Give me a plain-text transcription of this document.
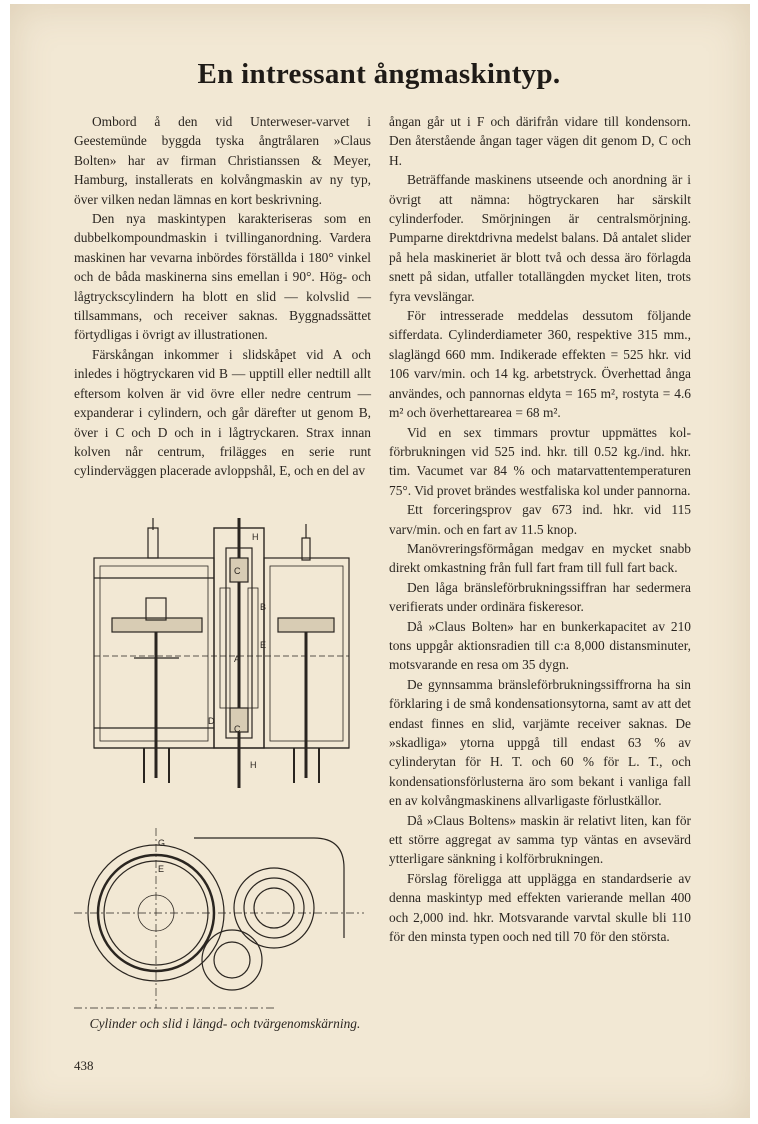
En intressant ångmaskintyp.

Ombord å den vid Unterweser-varvet i Geestemünde byggda tyska ångtrålaren »Claus Bolten» har av firman Christianssen & Meyer, Hamburg, installerats en kolvångmaskin av ny typ, över vilken nedan lämnas en kort beskrivning.

Den nya maskintypen karakteriseras som en dubbelkompoundmaskin i tvillinganordning. Vardera maskinen har vevarna inbördes förställda i 180° vinkel och de båda maskinerna sins emellan i 90°. Hög- och lågtryckscylindern ha blott en slid — kolvslid — tillsammans, och receiver saknas. Byggnadssättet förtydligas i övrigt av illustrationen.

Färskångan inkommer i slidskåpet vid A och inledes i högtryckaren vid B — upptill eller nedtill allt eftersom kolven är vid övre eller nedre centrum — expanderar i cylindern, och går därefter ut genom B, över i C och D och in i lågtryckaren. Strax innan kolven når centrum, frilägges en serie runt cylinderväggen placerade avloppshål, E, och en del av

ångan går ut i F och därifrån vidare till kondensorn. Den återstående ångan tager vägen dit genom D, C och H.

Beträffande maskinens utseende och anordning är i övrigt att nämna: högtryckaren har särskilt cylinderfoder. Smörjningen är centralsmörjning. Pumparne direktdrivna medelst balans. Då antalet slider på hela maskineriet är blott två och dessa äro förlagda snett på sidan, utfaller totallängden mycket liten, trots fyra vevslängar.

För intresserade meddelas dessutom följande sifferdata. Cylinderdiameter 360, respektive 315 mm., slaglängd 660 mm. Indikerade effekten = 525 hkr. vid 106 varv/min. och 14 kg. arbetstryck. Överhettad ånga användes, och pannornas eldyta = 165 m², rostyta = 4.6 m² och överhettarearea = 68 m².

Vid en sex timmars provtur uppmättes kolförbrukningen vid 525 ind. hkr. till 0.52 kg./ind. hkr. tim. Vacumet var 84 % och matarvattentemperaturen 75°. Vid provet brändes westfaliska kol under pannorna.

Ett forceringsprov gav 673 ind. hkr. vid 115 varv/min. och en fart av 11.5 knop.

Manövreringsförmågan medgav en mycket snabb direkt omkastning från full fart fram till full fart back.

Den låga bränsleförbrukningssiffran har sedermera verifierats under ordinära fiskeresor.

Då »Claus Bolten» har en bunkerkapacitet av 210 tons uppgår aktionsradien till c:a 8,000 distansminuter, motsvarande en resa om 35 dygn.

De gynnsamma bränsleförbrukningssiffrorna ha sin förklaring i de små kondensationsytorna, samt av att det endast finnes en slid, varjämte receiver saknas. De »skadliga» ytorna uppgå till endast 63 % av cylinderytan för H. T. och 60 % för L. T., och kondensationsförlusterna äro som bekant i vanliga fall en av kolvångmaskinens allvarligaste förlustkällor.

Då »Claus Boltens» maskin är relativt liten, kan för ett större aggregat av samma typ väntas en avsevärd ytterligare sänkning i kolförbrukningen.

Förslag föreligga att upplägga en standardserie av denna maskintyp med effekten varierande mellan 400 och 2,000 ind. hkr. Motsvarande varvtal skulle bli 110 för den minsta typen ooch ned till 70 för den största.

H
C
B
A
E
D
C
H
G
E
Cylinder och slid i längd- och tvärgenomskärning.
438
